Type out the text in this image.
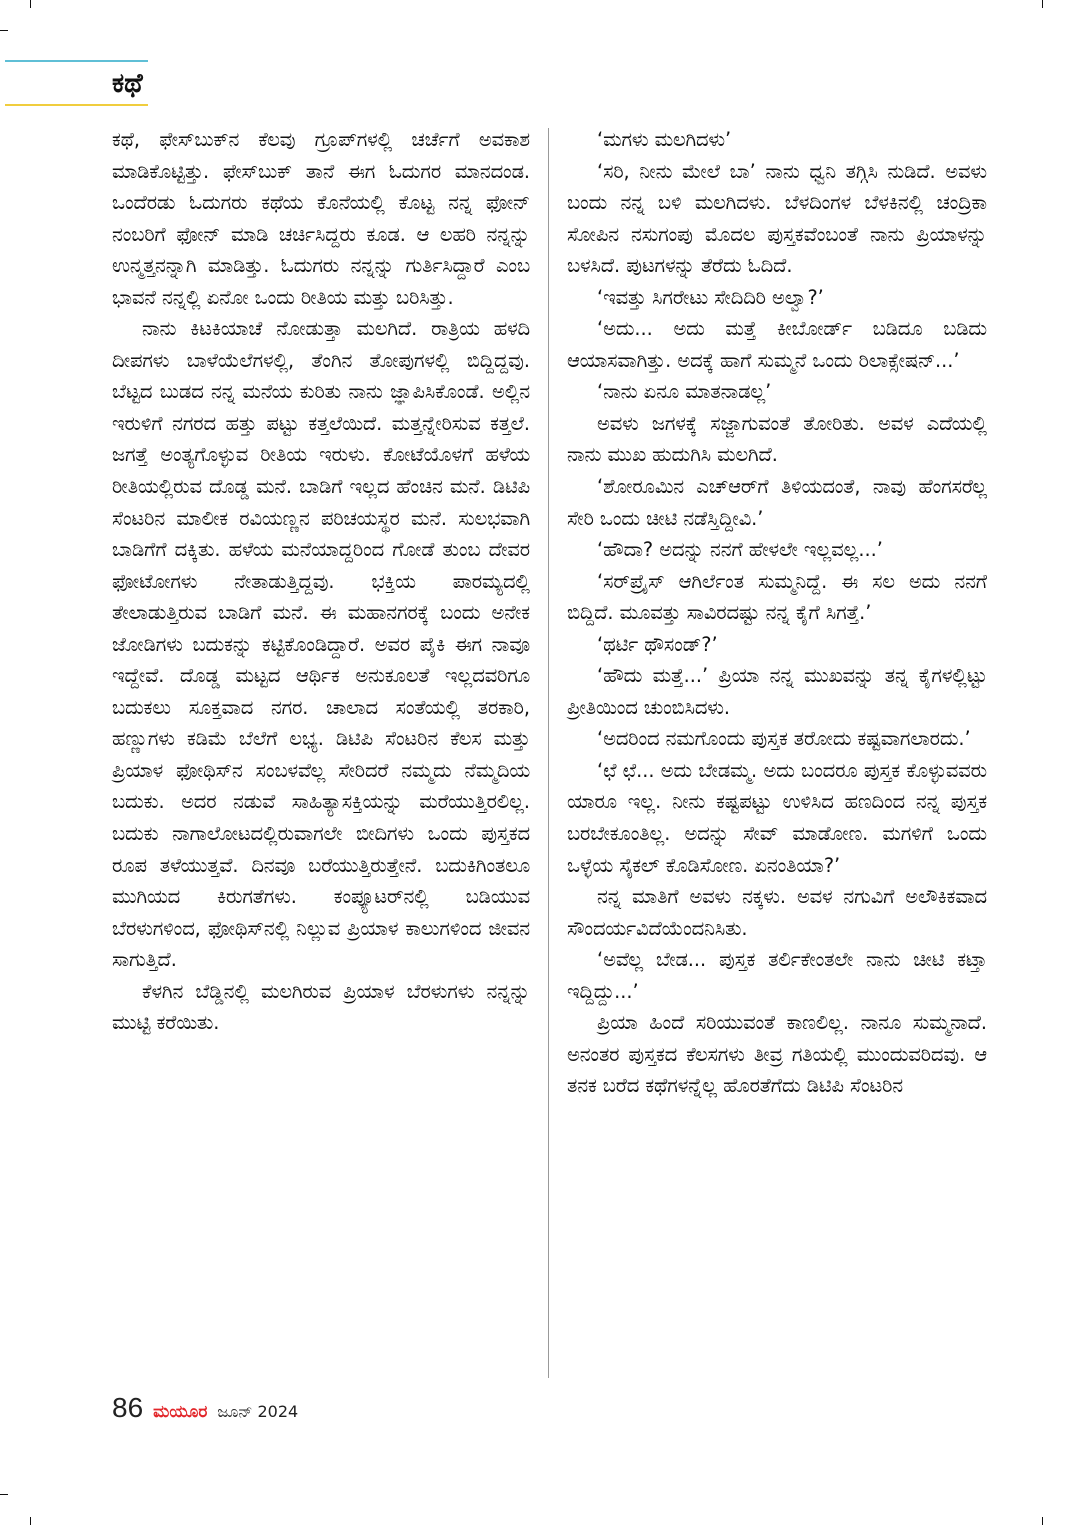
ಕಥೆ

ಕಥೆ, ಫೇಸ್‌ಬುಕ್‌ನ ಕೆಲವು ಗ್ರೂಪ್‌ಗಳಲ್ಲಿ ಚರ್ಚೆಗೆ ಅವಕಾಶ ಮಾಡಿಕೊಟ್ಟಿತ್ತು. ಫೇಸ್‌ಬುಕ್ ತಾನೆ ಈಗ ಓದುಗರ ಮಾನದಂಡ. ಒಂದೆರಡು ಓದುಗರು ಕಥೆಯ ಕೊನೆಯಲ್ಲಿ ಕೊಟ್ಟ ನನ್ನ ಫೋನ್ ನಂಬರಿಗೆ ಫೋನ್ ಮಾಡಿ ಚರ್ಚಿಸಿದ್ದರು ಕೂಡ. ಆ ಲಹರಿ ನನ್ನನ್ನು ಉನ್ಮತ್ತನನ್ನಾಗಿ ಮಾಡಿತ್ತು. ಓದುಗರು ನನ್ನನ್ನು ಗುರ್ತಿಸಿದ್ದಾರೆ ಎಂಬ ಭಾವನೆ ನನ್ನಲ್ಲಿ ಏನೋ ಒಂದು ರೀತಿಯ ಮತ್ತು ಬರಿಸಿತ್ತು.

ನಾನು ಕಿಟಕಿಯಾಚೆ ನೋಡುತ್ತಾ ಮಲಗಿದೆ. ರಾತ್ರಿಯ ಹಳದಿ ದೀಪಗಳು ಬಾಳೆಯೆಲೆಗಳಲ್ಲಿ, ತೆಂಗಿನ ತೋಪುಗಳಲ್ಲಿ ಬಿದ್ದಿದ್ದವು. ಬೆಟ್ಟದ ಬುಡದ ನನ್ನ ಮನೆಯ ಕುರಿತು ನಾನು ಜ್ಞಾಪಿಸಿಕೊಂಡೆ. ಅಲ್ಲಿನ ಇರುಳಿಗೆ ನಗರದ ಹತ್ತು ಪಟ್ಟು ಕತ್ತಲೆಯಿದೆ. ಮತ್ತನ್ನೇರಿಸುವ ಕತ್ತಲೆ. ಜಗತ್ತೆ ಅಂತ್ಯಗೊಳ್ಳುವ ರೀತಿಯ ಇರುಳು. ಕೋಟೆಯೊಳಗೆ ಹಳೆಯ ರೀತಿಯಲ್ಲಿರುವ ದೊಡ್ಡ ಮನೆ. ಬಾಡಿಗೆ ಇಲ್ಲದ ಹೆಂಚಿನ ಮನೆ. ಡಿಟಿಪಿ ಸೆಂಟರಿನ ಮಾಲೀಕ ರವಿಯಣ್ಣನ ಪರಿಚಯಸ್ಥರ ಮನೆ. ಸುಲಭವಾಗಿ ಬಾಡಿಗೆಗೆ ದಕ್ಕಿತು. ಹಳೆಯ ಮನೆಯಾದ್ದರಿಂದ ಗೋಡೆ ತುಂಬ ದೇವರ ಫೋಟೋಗಳು ನೇತಾಡುತ್ತಿದ್ದವು. ಭಕ್ತಿಯ ಪಾರಮ್ಯದಲ್ಲಿ ತೇಲಾಡುತ್ತಿರುವ ಬಾಡಿಗೆ ಮನೆ. ಈ ಮಹಾನಗರಕ್ಕೆ ಬಂದು ಅನೇಕ ಜೋಡಿಗಳು ಬದುಕನ್ನು ಕಟ್ಟಿಕೊಂಡಿದ್ದಾರೆ. ಅವರ ಪೈಕಿ ಈಗ ನಾವೂ ಇದ್ದೇವೆ. ದೊಡ್ಡ ಮಟ್ಟದ ಆರ್ಥಿಕ ಅನುಕೂಲತೆ ಇಲ್ಲದವರಿಗೂ ಬದುಕಲು ಸೂಕ್ತವಾದ ನಗರ. ಚಾಲಾದ ಸಂತೆಯಲ್ಲಿ ತರಕಾರಿ, ಹಣ್ಣುಗಳು ಕಡಿಮೆ ಬೆಲೆಗೆ ಲಭ್ಯ. ಡಿಟಿಪಿ ಸೆಂಟರಿನ ಕೆಲಸ ಮತ್ತು ಪ್ರಿಯಾಳ ಫೋಥಿಸ್‌ನ ಸಂಬಳವೆಲ್ಲ ಸೇರಿದರೆ ನಮ್ಮದು ನೆಮ್ಮದಿಯ ಬದುಕು. ಅದರ ನಡುವೆ ಸಾಹಿತ್ಯಾಸಕ್ತಿಯನ್ನು ಮರೆಯುತ್ತಿರಲಿಲ್ಲ. ಬದುಕು ನಾಗಾಲೋಟದಲ್ಲಿರುವಾಗಲೇ ಬೀದಿಗಳು ಒಂದು ಪುಸ್ತಕದ ರೂಪ ತಳೆಯುತ್ತವೆ. ದಿನವೂ ಬರೆಯುತ್ತಿರುತ್ತೇನೆ. ಬದುಕಿಗಿಂತಲೂ ಮುಗಿಯದ ಕಿರುಗತೆಗಳು. ಕಂಪ್ಯೂಟರ್‌ನಲ್ಲಿ ಬಡಿಯುವ ಬೆರಳುಗಳಿಂದ, ಫೋಥಿಸ್‌ನಲ್ಲಿ ನಿಲ್ಲುವ ಪ್ರಿಯಾಳ ಕಾಲುಗಳಿಂದ ಜೀವನ ಸಾಗುತ್ತಿದೆ.

ಕೆಳಗಿನ ಬೆಡ್ಡಿನಲ್ಲಿ ಮಲಗಿರುವ ಪ್ರಿಯಾಳ ಬೆರಳುಗಳು ನನ್ನನ್ನು ಮುಟ್ಟಿ ಕರೆಯಿತು.

‘ಮಗಳು ಮಲಗಿದಳು’

‘ಸರಿ, ನೀನು ಮೇಲೆ ಬಾ’ ನಾನು ಧ್ವನಿ ತಗ್ಗಿಸಿ ನುಡಿದೆ. ಅವಳು ಬಂದು ನನ್ನ ಬಳಿ ಮಲಗಿದಳು. ಬೆಳದಿಂಗಳ ಬೆಳಕಿನಲ್ಲಿ ಚಂದ್ರಿಕಾ ಸೋಪಿನ ನಸುಗಂಪು ಮೊದಲ ಪುಸ್ತಕವೆಂಬಂತೆ ನಾನು ಪ್ರಿಯಾಳನ್ನು ಬಳಸಿದೆ. ಪುಟಗಳನ್ನು ತೆರೆದು ಓದಿದೆ.

‘ಇವತ್ತು ಸಿಗರೇಟು ಸೇದಿದಿರಿ ಅಲ್ವಾ?’

‘ಅದು... ಅದು ಮತ್ತೆ ಕೀಬೋರ್ಡ್ ಬಡಿದೂ ಬಡಿದು ಆಯಾಸವಾಗಿತ್ತು. ಅದಕ್ಕೆ ಹಾಗೆ ಸುಮ್ಮನೆ ಒಂದು ರಿಲಾಕ್ಸೇಷನ್...’

‘ನಾನು ಏನೂ ಮಾತನಾಡಲ್ಲ’

ಅವಳು ಜಗಳಕ್ಕೆ ಸಜ್ಜಾಗುವಂತೆ ತೋರಿತು. ಅವಳ ಎದೆಯಲ್ಲಿ ನಾನು ಮುಖ ಹುದುಗಿಸಿ ಮಲಗಿದೆ.

‘ಶೋರೂಮಿನ ಎಚ್‌ಆರ್‌ಗೆ ತಿಳಿಯದಂತೆ, ನಾವು ಹೆಂಗಸರೆಲ್ಲ ಸೇರಿ ಒಂದು ಚೀಟಿ ನಡೆಸ್ತಿದ್ದೀವಿ.’

‘ಹೌದಾ? ಅದನ್ನು ನನಗೆ ಹೇಳಲೇ ಇಲ್ಲವಲ್ಲ...’

‘ಸರ್‌ಪ್ರೈಸ್ ಆಗಿರ್ಲೆಂತ ಸುಮ್ಮನಿದ್ದೆ. ಈ ಸಲ ಅದು ನನಗೆ ಬಿದ್ದಿದೆ. ಮೂವತ್ತು ಸಾವಿರದಷ್ಟು ನನ್ನ ಕೈಗೆ ಸಿಗತ್ತೆ.’

‘ಥರ್ಟಿ ಥೌಸಂಡ್?’

‘ಹೌದು ಮತ್ತೆ...’ ಪ್ರಿಯಾ ನನ್ನ ಮುಖವನ್ನು ತನ್ನ ಕೈಗಳಲ್ಲಿಟ್ಟು ಪ್ರೀತಿಯಿಂದ ಚುಂಬಿಸಿದಳು.

‘ಅದರಿಂದ ನಮಗೊಂದು ಪುಸ್ತಕ ತರೋದು ಕಷ್ಟವಾಗಲಾರದು.’

‘ಛೆ ಛೆ... ಅದು ಬೇಡಮ್ಮ. ಅದು ಬಂದರೂ ಪುಸ್ತಕ ಕೊಳ್ಳುವವರು ಯಾರೂ ಇಲ್ಲ. ನೀನು ಕಷ್ಟಪಟ್ಟು ಉಳಿಸಿದ ಹಣದಿಂದ ನನ್ನ ಪುಸ್ತಕ ಬರಬೇಕೂಂತಿಲ್ಲ. ಅದನ್ನು ಸೇವ್ ಮಾಡೋಣ. ಮಗಳಿಗೆ ಒಂದು ಒಳ್ಳೆಯ ಸೈಕಲ್ ಕೊಡಿಸೋಣ. ಏನಂತಿಯಾ?’

ನನ್ನ ಮಾತಿಗೆ ಅವಳು ನಕ್ಕಳು. ಅವಳ ನಗುವಿಗೆ ಅಲೌಕಿಕವಾದ ಸೌಂದರ್ಯವಿದೆಯೆಂದನಿಸಿತು.

‘ಅವೆಲ್ಲ ಬೇಡ... ಪುಸ್ತಕ ತರ್ಲಿಕೇಂತಲೇ ನಾನು ಚೀಟಿ ಕಟ್ತಾ ಇದ್ದಿದ್ದು...’

ಪ್ರಿಯಾ ಹಿಂದೆ ಸರಿಯುವಂತೆ ಕಾಣಲಿಲ್ಲ. ನಾನೂ ಸುಮ್ಮನಾದೆ. ಅನಂತರ ಪುಸ್ತಕದ ಕೆಲಸಗಳು ತೀವ್ರ ಗತಿಯಲ್ಲಿ ಮುಂದುವರಿದವು. ಆ ತನಕ ಬರೆದ ಕಥೆಗಳನ್ನೆಲ್ಲ ಹೊರತೆಗೆದು ಡಿಟಿಪಿ ಸೆಂಟರಿನ

86 ಮಯೂರ ಜೂನ್ 2024
